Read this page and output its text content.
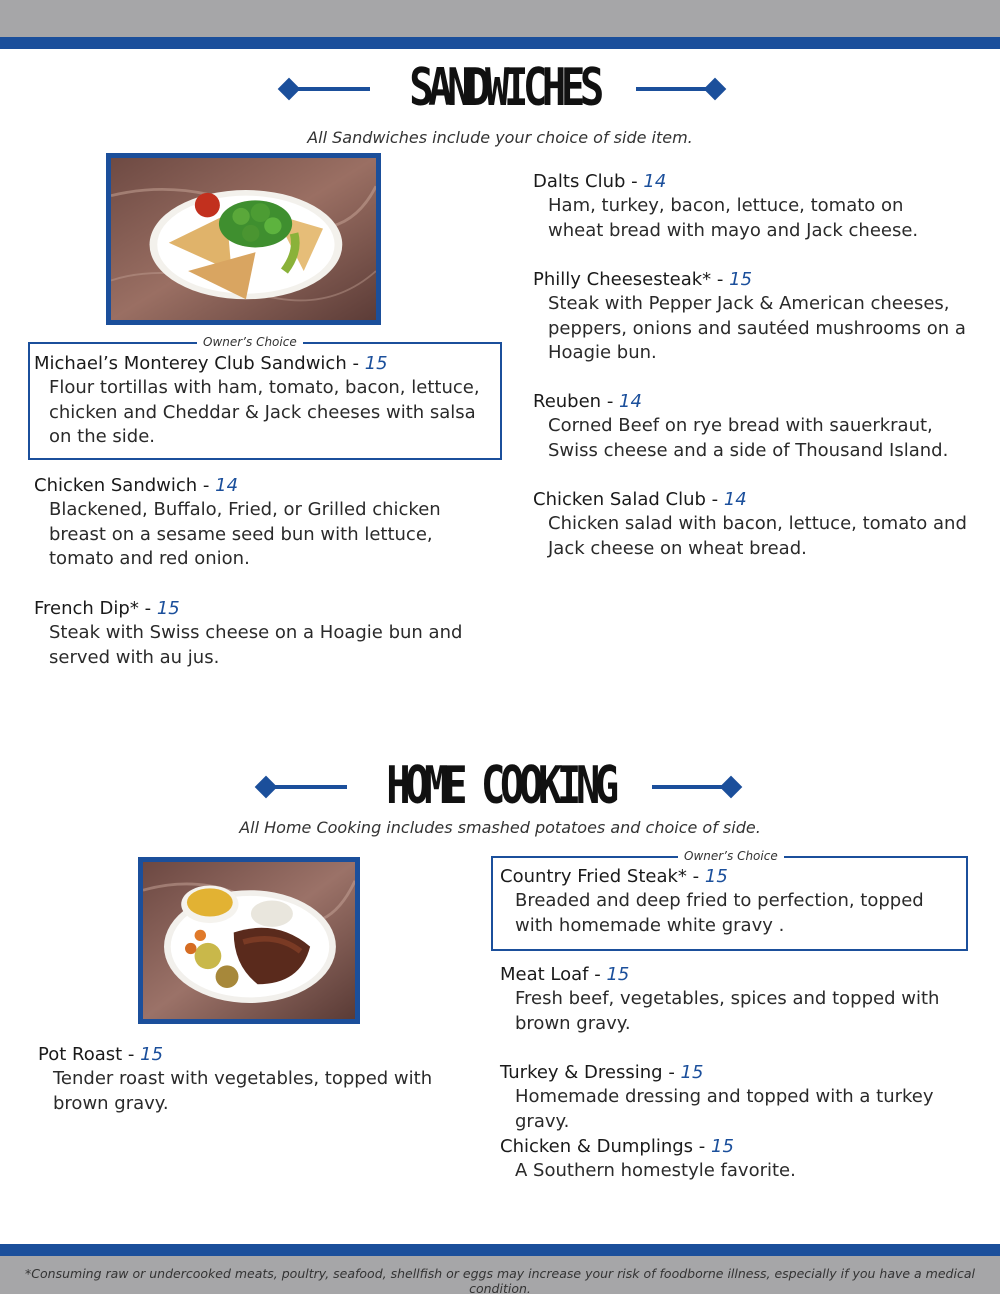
SANDWICHES
All Sandwiches include your choice of side item.
Owner’s Choice
Michael’s Monterey Club Sandwich - 15
Flour tortillas with ham, tomato, bacon, lettuce, chicken and Cheddar & Jack cheeses with salsa on the side.
Chicken Sandwich - 14
Blackened, Buffalo, Fried, or Grilled chicken breast on a sesame seed bun with lettuce, tomato and red onion.
French Dip* - 15
Steak with Swiss cheese on a Hoagie bun and served with au jus.
Dalts Club - 14
Ham, turkey, bacon, lettuce, tomato on wheat bread with mayo and Jack cheese.
Philly Cheesesteak* - 15
Steak with Pepper Jack & American cheeses, peppers, onions and sautéed mushrooms on a Hoagie bun.
Reuben - 14
Corned Beef on rye bread with sauerkraut, Swiss cheese and a side of Thousand Island.
Chicken Salad Club - 14
Chicken salad with bacon, lettuce, tomato and Jack cheese on wheat bread.
HOME COOKING
All Home Cooking includes smashed potatoes and choice of side.
Pot Roast - 15
Tender roast with vegetables, topped with brown gravy.
Owner’s Choice
Country Fried Steak* - 15
Breaded and deep fried to perfection, topped with homemade white gravy .
Meat Loaf - 15
Fresh beef, vegetables, spices and topped with brown gravy.
Turkey & Dressing - 15
Homemade dressing and topped with a turkey gravy.
Chicken & Dumplings - 15
A Southern homestyle favorite.
*Consuming raw or undercooked meats, poultry, seafood, shellfish or eggs may increase your risk of foodborne illness, especially if you have a medical condition.
